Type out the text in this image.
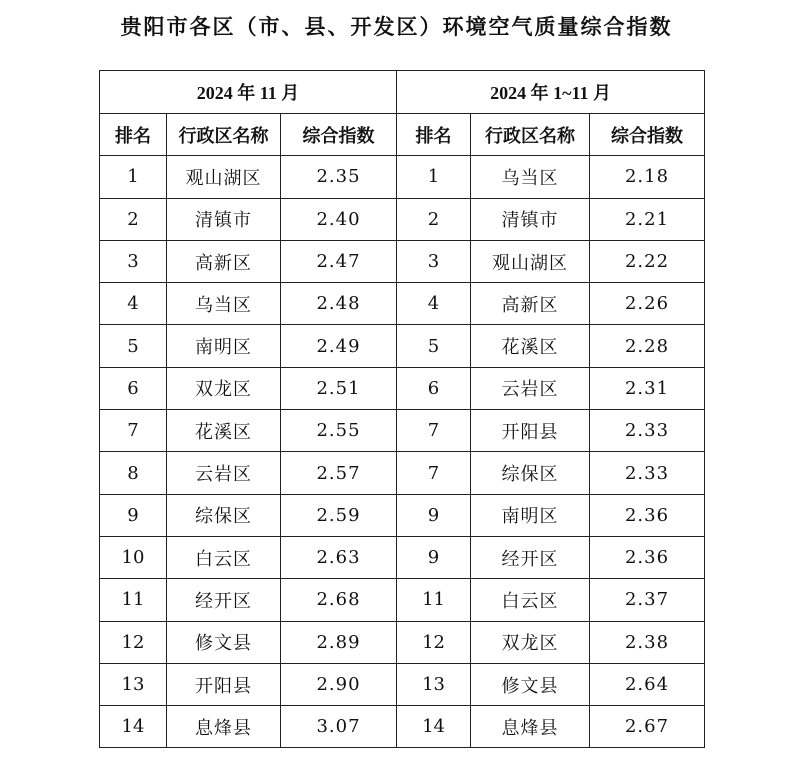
贵阳市各区（市、县、开发区）环境空气质量综合指数
2024 年 11 月			2024 年 1~11 月		
排名	行政区名称	综合指数	排名	行政区名称	综合指数
1	观山湖区	2.35	1	乌当区	2.18
2	清镇市	2.40	2	清镇市	2.21
3	高新区	2.47	3	观山湖区	2.22
4	乌当区	2.48	4	高新区	2.26
5	南明区	2.49	5	花溪区	2.28
6	双龙区	2.51	6	云岩区	2.31
7	花溪区	2.55	7	开阳县	2.33
8	云岩区	2.57	7	综保区	2.33
9	综保区	2.59	9	南明区	2.36
10	白云区	2.63	9	经开区	2.36
11	经开区	2.68	11	白云区	2.37
12	修文县	2.89	12	双龙区	2.38
13	开阳县	2.90	13	修文县	2.64
14	息烽县	3.07	14	息烽县	2.67
